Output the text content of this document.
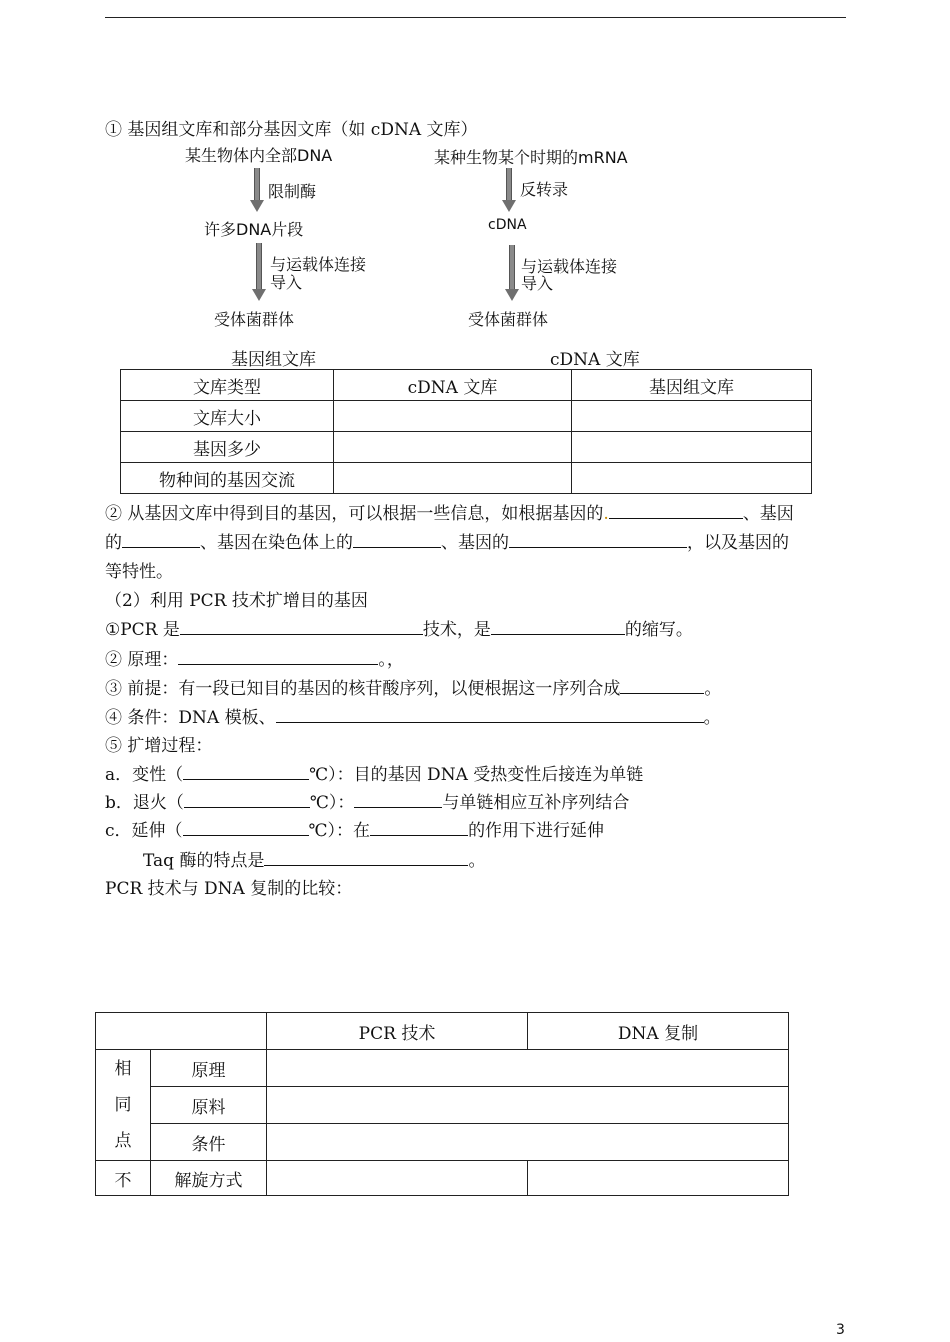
① 基因组文库和部分基因文库（如 cDNA 文库）
某生物体内全部DNA
限制酶
许多DNA片段
与运载体连接
导入
受体菌群体
基因组文库
某种生物某个时期的mRNA
反转录
cDNA
与运载体连接
导入
受体菌群体
cDNA 文库
文库类型	cDNA 文库	基因组文库
文库大小		
基因多少		
物种间的基因交流		
② 从基因文库中得到目的基因，可以根据一些信息，如根据基因的.	、基因
的	、基因在染色体上的	、基因的	，以及基因的
等特性。
（2）利用 PCR 技术扩增目的基因
①PCR 是	技术，是	的缩写。
② 原理：	。，
③ 前提：有一段已知目的基因的核苷酸序列，以便根据这一序列合成	。
④ 条件：DNA 模板、	。
⑤ 扩增过程：
a．变性（	℃）：目的基因 DNA 受热变性后接连为单链
b．退火（	℃）：	与单链相应互补序列结合
c．延伸（	℃）：在	的作用下进行延伸
Taq 酶的特点是	。
PCR 技术与 DNA 复制的比较：
		PCR 技术	DNA 复制

相
同
点	原理		
	原料		
	条件		
不	解旋方式		
3
